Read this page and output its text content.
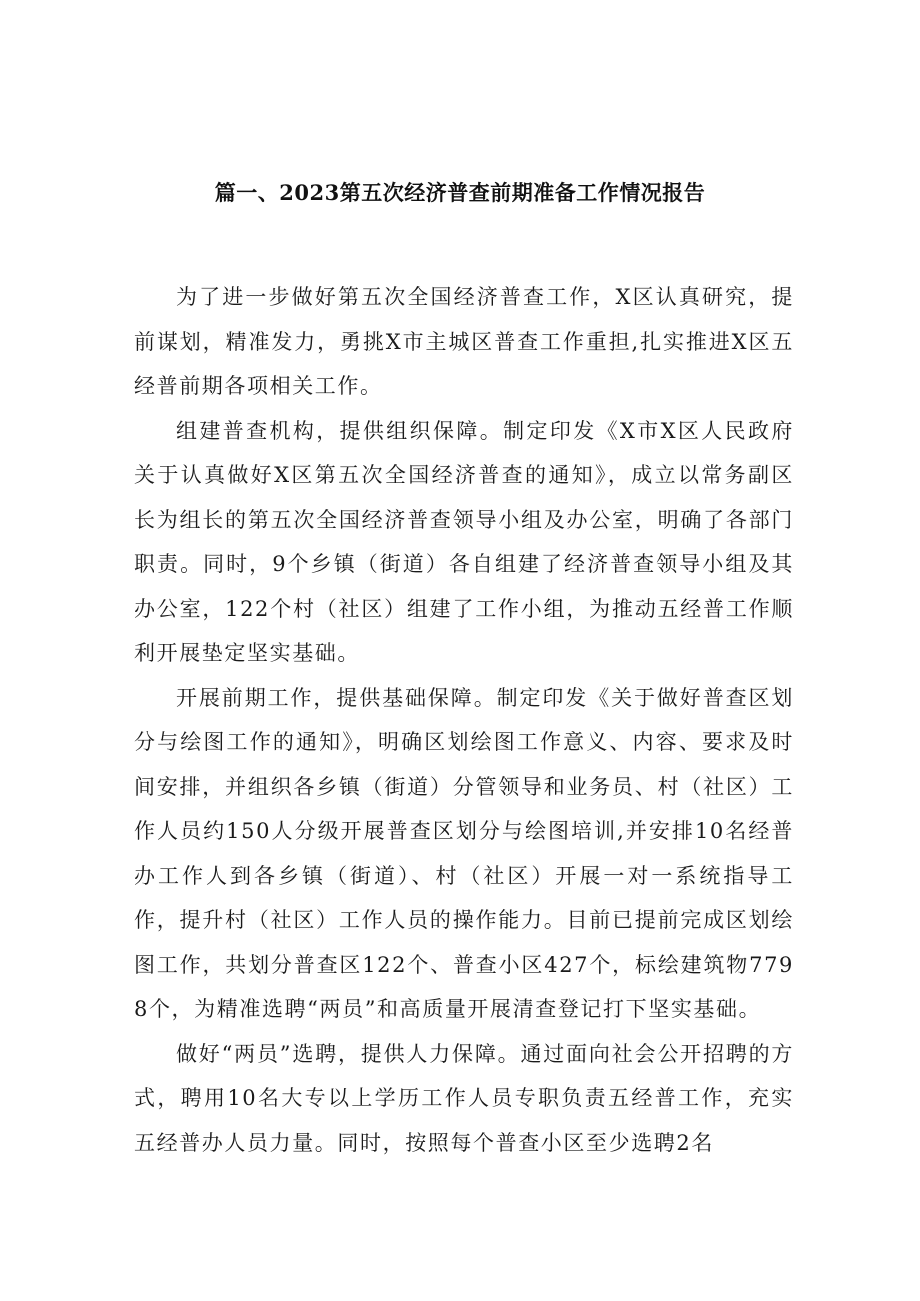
篇一、2023第五次经济普查前期准备工作情况报告

为了进一步做好第五次全国经济普查工作，X区认真研究，提前谋划，精准发力，勇挑X市主城区普查工作重担,扎实推进X区五经普前期各项相关工作。

组建普查机构，提供组织保障。制定印发《X市X区人民政府关于认真做好X区第五次全国经济普查的通知》，成立以常务副区长为组长的第五次全国经济普查领导小组及办公室，明确了各部门职责。同时，9个乡镇（街道）各自组建了经济普查领导小组及其办公室，122个村（社区）组建了工作小组，为推动五经普工作顺利开展垫定坚实基础。

开展前期工作，提供基础保障。制定印发《关于做好普查区划分与绘图工作的通知》，明确区划绘图工作意义、内容、要求及时间安排，并组织各乡镇（街道）分管领导和业务员、村（社区）工作人员约150人分级开展普查区划分与绘图培训,并安排10名经普办工作人到各乡镇（街道）、村（社区）开展一对一系统指导工作，提升村（社区）工作人员的操作能力。目前已提前完成区划绘图工作，共划分普查区122个、普查小区427个，标绘建筑物7798个，为精准选聘“两员”和高质量开展清查登记打下坚实基础。

做好“两员”选聘，提供人力保障。通过面向社会公开招聘的方式，聘用10名大专以上学历工作人员专职负责五经普工作，充实五经普办人员力量。同时，按照每个普查小区至少选聘2名
